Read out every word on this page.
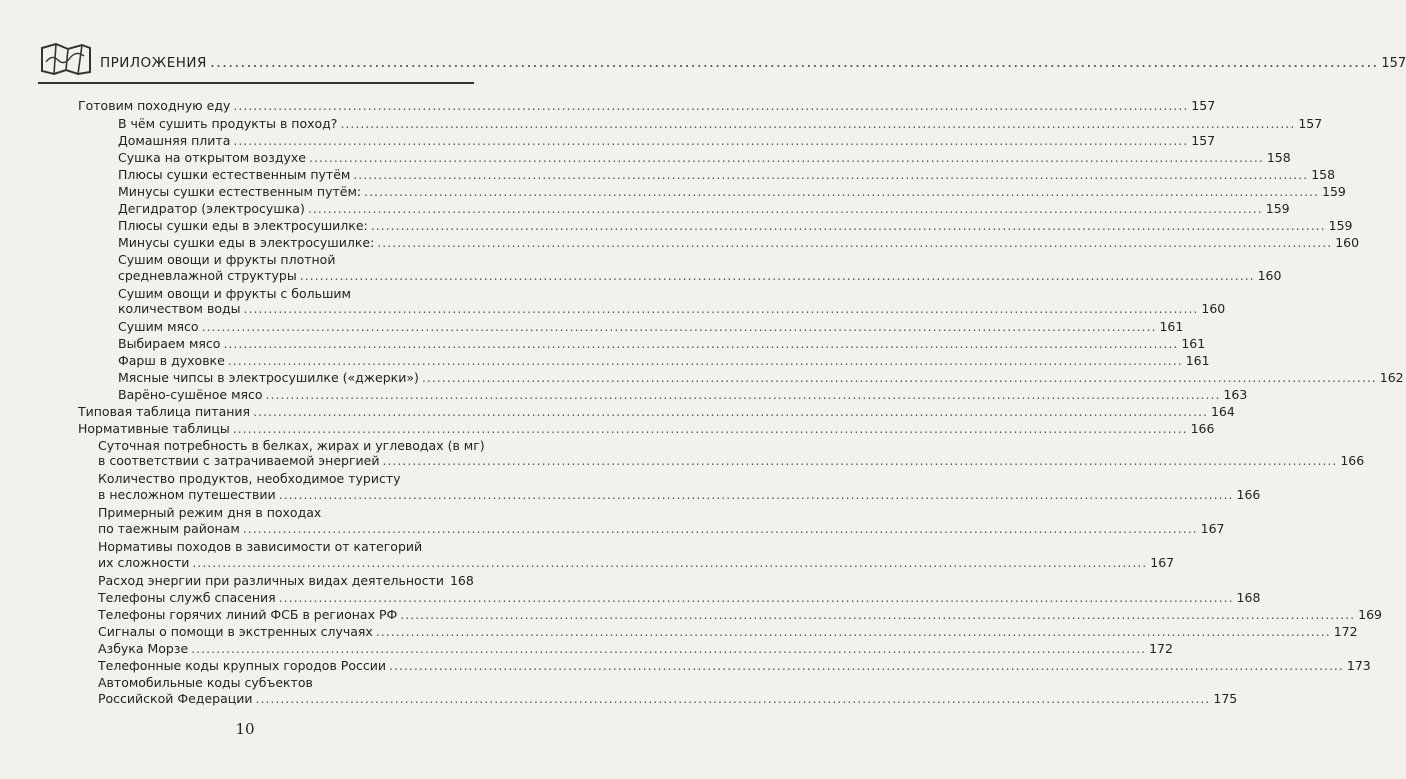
ПРИЛОЖЕНИЯ .....	157
Готовим походную еду .....	157
В чём сушить продукты в поход? .....	157
Домашняя плита .....	157
Сушка на открытом воздухе .....	158
Плюсы сушки естественным путём .....	158
Минусы сушки естественным путём: .....	159
Дегидратор (электросушка) .....	159
Плюсы сушки еды в электросушилке: .....	159
Минусы сушки еды в электросушилке: .....	160
Сушим овощи и фрукты плотной
средневлажной структуры .....	160
Сушим овощи и фрукты с большим
количеством воды .....	160
Сушим мясо .....	161
Выбираем мясо .....	161
Фарш в духовке .....	161
Мясные чипсы в электросушилке («джерки») .....	162
Варёно-сушёное мясо .....	163
Типовая таблица питания .....	164
Нормативные таблицы .....	166
Суточная потребность в белках, жирах и углеводах (в мг)
в соответствии с затрачиваемой энергией .....	166
Количество продуктов, необходимое туристу
в несложном путешествии .....	166
Примерный режим дня в походах
по таежным районам .....	167
Нормативы походов в зависимости от категорий
их сложности .....	167
Расход энергии при различных видах деятельности 168
Телефоны служб спасения .....	168
Телефоны горячих линий ФСБ в регионах РФ .....	169
Сигналы о помощи в экстренных случаях .....	172
Азбука Морзе .....	172
Телефонные коды крупных городов России .....	173
Автомобильные коды субъектов
Российской Федерации .....	175
10
